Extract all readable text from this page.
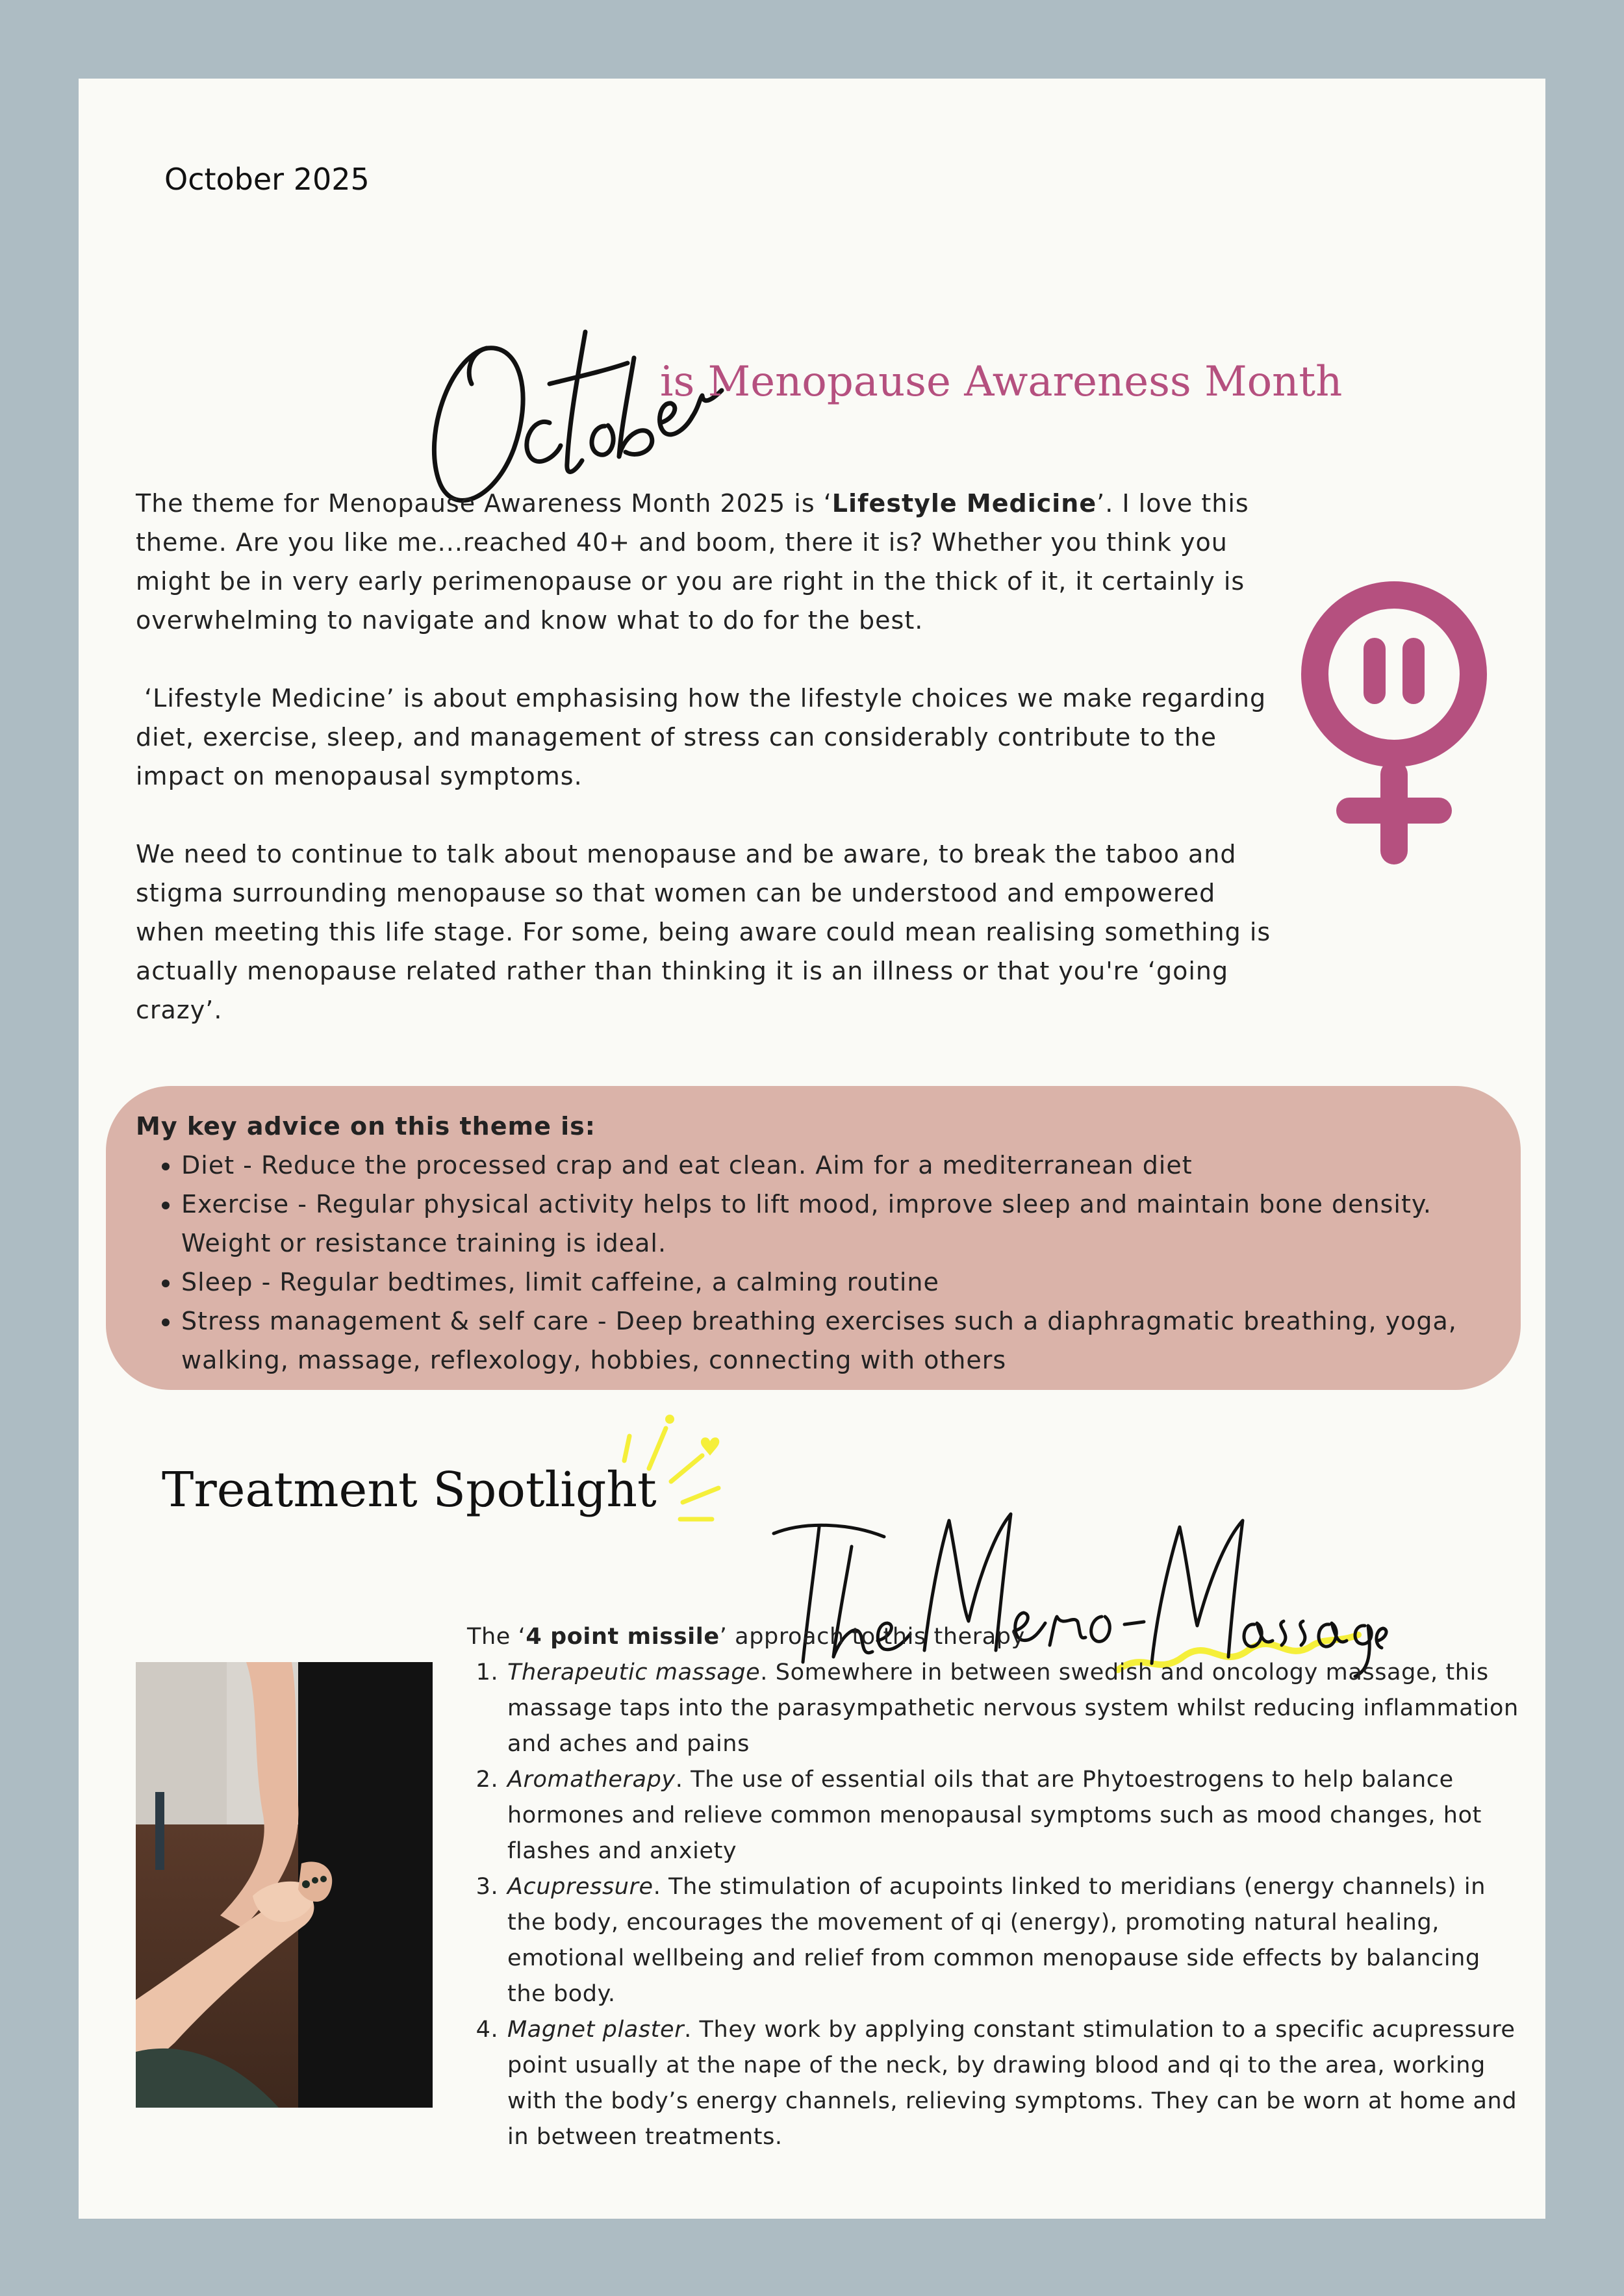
October 2025
is Menopause Awareness Month

The theme for Menopause Awareness Month 2025 is ‘Lifestyle Medicine’. I love this theme. Are you like me...reached 40+ and boom, there it is? Whether you think you might be in very early perimenopause or you are right in the thick of it, it certainly is overwhelming to navigate and know what to do for the best.

‘Lifestyle Medicine’ is about emphasising how the lifestyle choices we make regarding diet, exercise, sleep, and management of stress can considerably contribute to the impact on menopausal symptoms.

We need to continue to talk about menopause and be aware, to break the taboo and stigma surrounding menopause so that women can be understood and empowered when meeting this life stage. For some, being aware could mean realising something is actually menopause related rather than thinking it is an illness or that you're ‘going crazy’.

My key advice on this theme is:
• Diet - Reduce the processed crap and eat clean. Aim for a mediterranean diet
• Exercise - Regular physical activity helps to lift mood, improve sleep and maintain bone density. Weight or resistance training is ideal.
• Sleep - Regular bedtimes, limit caffeine, a calming routine
• Stress management & self care - Deep breathing exercises such a diaphragmatic breathing, yoga, walking, massage, reflexology, hobbies, connecting with others
Treatment Spotlight
The ‘4 point missile’ approach to this therapy
1. Therapeutic massage. Somewhere in between swedish and oncology massage, this massage taps into the parasympathetic nervous system whilst reducing inflammation and aches and pains
2. Aromatherapy. The use of essential oils that are Phytoestrogens to help balance hormones and relieve common menopausal symptoms such as mood changes, hot flashes and anxiety
3. Acupressure. The stimulation of acupoints linked to meridians (energy channels) in the body, encourages the movement of qi (energy), promoting natural healing, emotional wellbeing and relief from common menopause side effects by balancing the body.
4. Magnet plaster. They work by applying constant stimulation to a specific acupressure point usually at the nape of the neck, by drawing blood and qi to the area, working with the body’s energy channels, relieving symptoms. They can be worn at home and in between treatments.
